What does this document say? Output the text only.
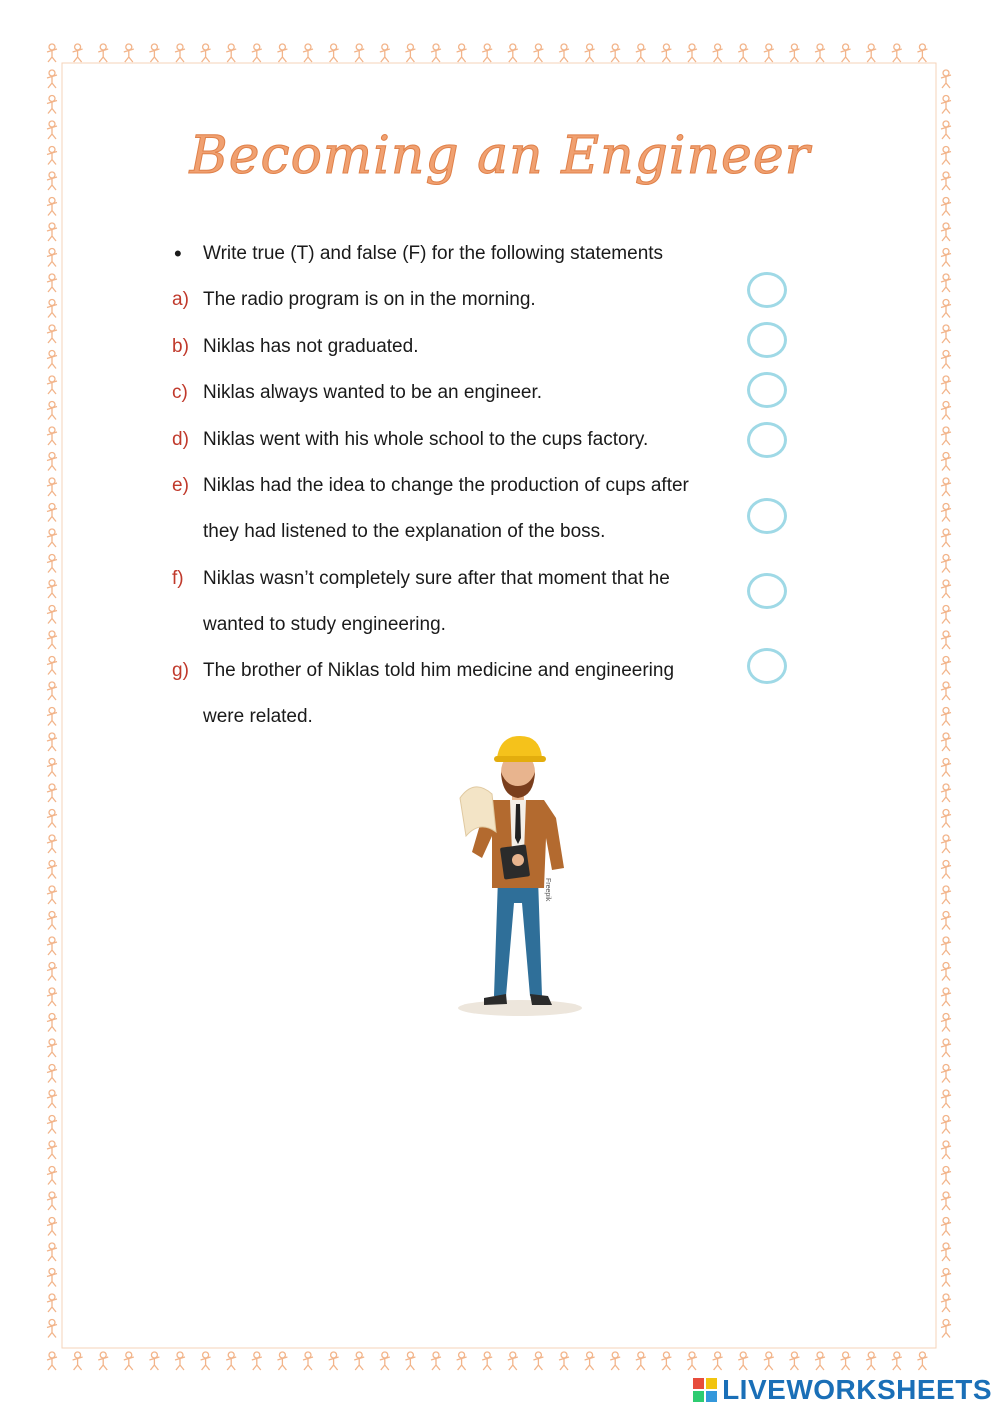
Becoming an Engineer
•	Write true (T) and false (F) for the following statements
a) The radio program is on in the morning.
b) Niklas has not graduated.
c) Niklas always wanted to be an engineer.
d) Niklas went with his whole school to the cups factory.
e) Niklas had the idea to change the production of cups after
they had listened to the explanation of the boss.
f)	Niklas wasn’t completely sure after that moment that he
wanted to study engineering.
g) The brother of Niklas told him medicine and engineering
were related.
Freepik
LIVEWORKSHEETS
